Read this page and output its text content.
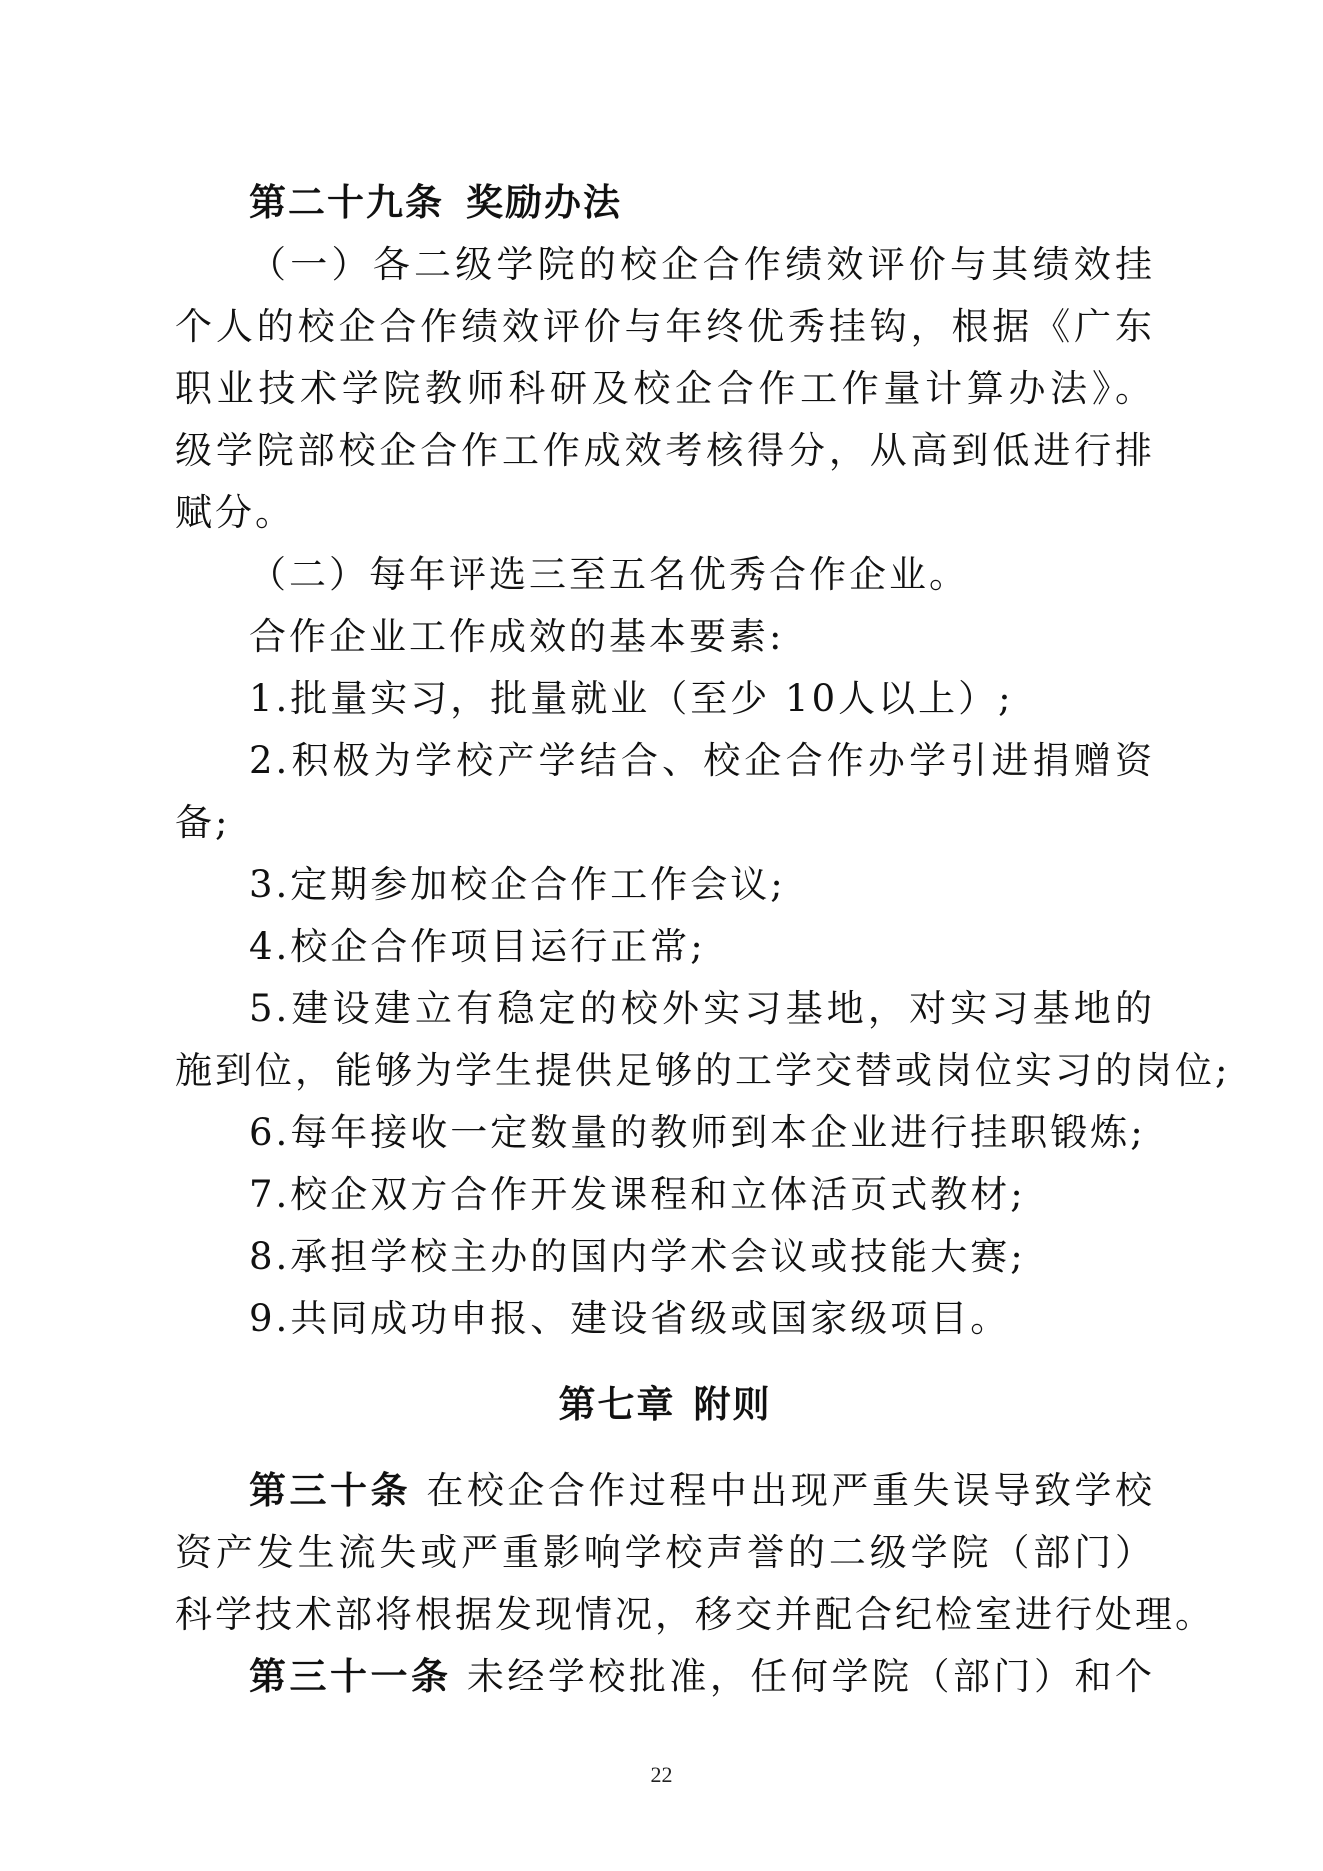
第二十九条 奖励办法
（一）各二级学院的校企合作绩效评价与其绩效挂
个人的校企合作绩效评价与年终优秀挂钩，根据《广东
职业技术学院教师科研及校企合作工作量计算办法》。
级学院部校企合作工作成效考核得分，从高到低进行排
赋分。
（二）每年评选三至五名优秀合作企业。
合作企业工作成效的基本要素:
1.批量实习，批量就业（至少 10人以上）;
2.积极为学校产学结合、校企合作办学引进捐赠资
备;
3.定期参加校企合作工作会议;
4.校企合作项目运行正常;
5.建设建立有稳定的校外实习基地，对实习基地的
施到位，能够为学生提供足够的工学交替或岗位实习的岗位;
6.每年接收一定数量的教师到本企业进行挂职锻炼;
7.校企双方合作开发课程和立体活页式教材;
8.承担学校主办的国内学术会议或技能大赛;
9.共同成功申报、建设省级或国家级项目。
第七章 附则
第三十条 在校企合作过程中出现严重失误导致学校
资产发生流失或严重影响学校声誉的二级学院（部门）
科学技术部将根据发现情况，移交并配合纪检室进行处理。
第三十一条 未经学校批准，任何学院（部门）和个
22
